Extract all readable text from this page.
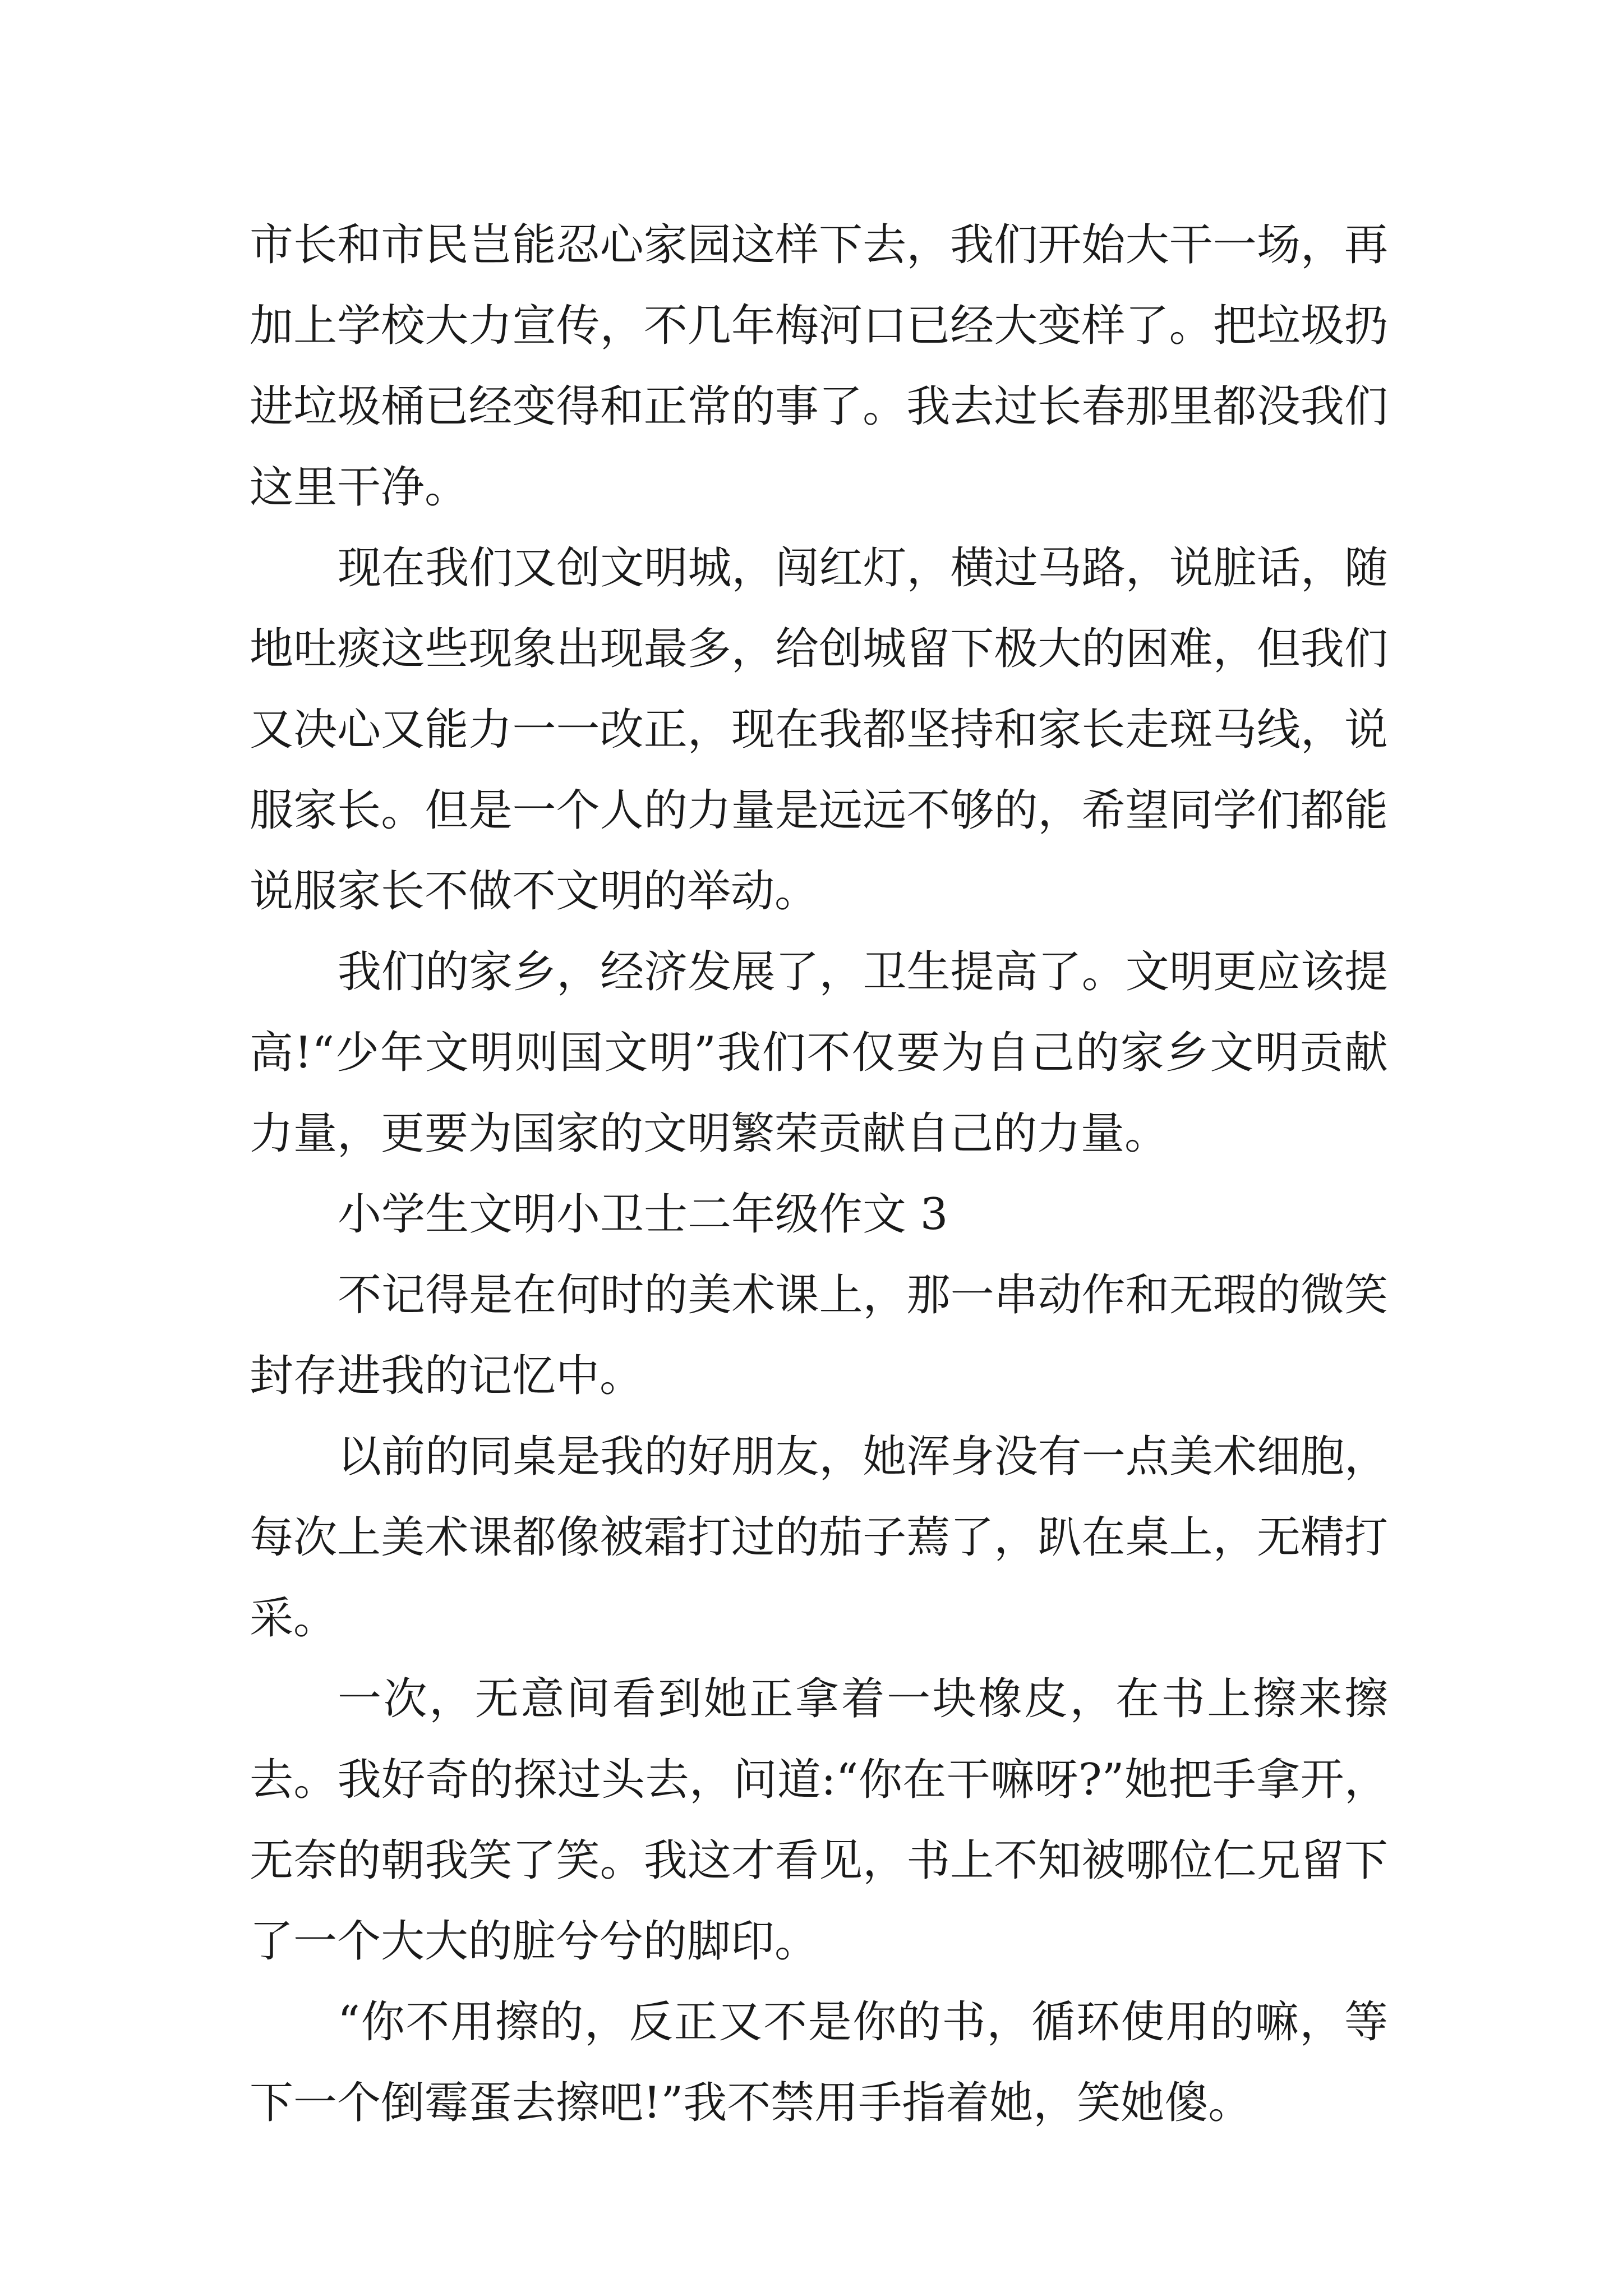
市长和市民岂能忍心家园这样下去，我们开始大干一场，再加上学校大力宣传，不几年梅河口已经大变样了。把垃圾扔进垃圾桶已经变得和正常的事了。我去过长春那里都没我们这里干净。

现在我们又创文明城，闯红灯，横过马路，说脏话，随地吐痰这些现象出现最多，给创城留下极大的困难，但我们又决心又能力一一改正，现在我都坚持和家长走斑马线，说服家长。但是一个人的力量是远远不够的，希望同学们都能说服家长不做不文明的举动。

我们的家乡，经济发展了，卫生提高了。文明更应该提高!“少年文明则国文明”我们不仅要为自己的家乡文明贡献力量，更要为国家的文明繁荣贡献自己的力量。

小学生文明小卫士二年级作文 3

不记得是在何时的美术课上，那一串动作和无瑕的微笑封存进我的记忆中。

以前的同桌是我的好朋友，她浑身没有一点美术细胞，每次上美术课都像被霜打过的茄子蔫了，趴在桌上，无精打采。

一次，无意间看到她正拿着一块橡皮，在书上擦来擦去。我好奇的探过头去，问道:“你在干嘛呀?”她把手拿开，无奈的朝我笑了笑。我这才看见，书上不知被哪位仁兄留下了一个大大的脏兮兮的脚印。

“你不用擦的，反正又不是你的书，循环使用的嘛，等下一个倒霉蛋去擦吧!”我不禁用手指着她，笑她傻。
